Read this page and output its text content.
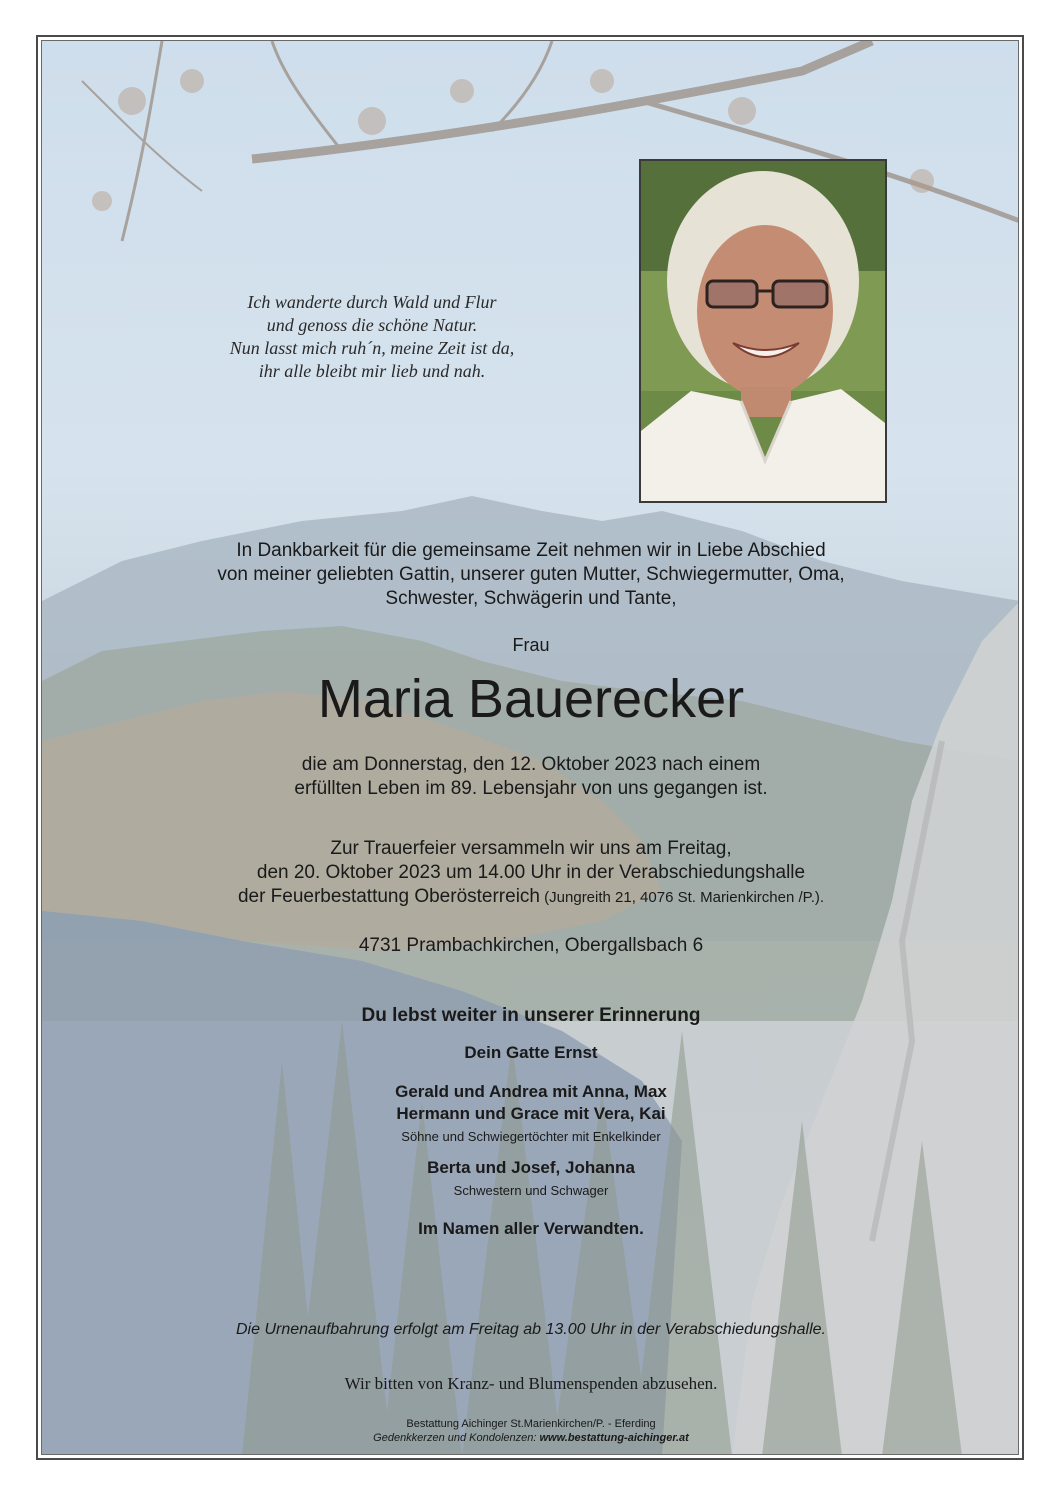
Ich wanderte durch Wald und Flur
und genoss die schöne Natur.
Nun lasst mich ruh´n, meine Zeit ist da,
ihr alle bleibt mir lieb und nah.
In Dankbarkeit für die gemeinsame Zeit nehmen wir in Liebe Abschied
von meiner geliebten Gattin, unserer guten Mutter, Schwiegermutter, Oma,
Schwester, Schwägerin und Tante,
Frau
Maria Bauerecker
die am Donnerstag, den 12. Oktober 2023 nach einem
erfüllten Leben im 89. Lebensjahr von uns gegangen ist.
Zur Trauerfeier versammeln wir uns am Freitag,
den 20. Oktober 2023 um 14.00 Uhr in der Verabschiedungshalle
der Feuerbestattung Oberösterreich (Jungreith 21, 4076 St. Marienkirchen /P.).
4731 Prambachkirchen, Obergallsbach 6
Du lebst weiter in unserer Erinnerung
Dein Gatte Ernst
Gerald und Andrea mit Anna, Max
Hermann und Grace mit Vera, Kai
Söhne und Schwiegertöchter mit Enkelkinder
Berta und Josef, Johanna
Schwestern und Schwager
Im Namen aller Verwandten.
Die Urnenaufbahrung erfolgt am Freitag ab 13.00 Uhr in der Verabschiedungshalle.
Wir bitten von Kranz- und Blumenspenden abzusehen.
Bestattung Aichinger St.Marienkirchen/P. - Eferding
Gedenkkerzen und Kondolenzen: www.bestattung-aichinger.at
